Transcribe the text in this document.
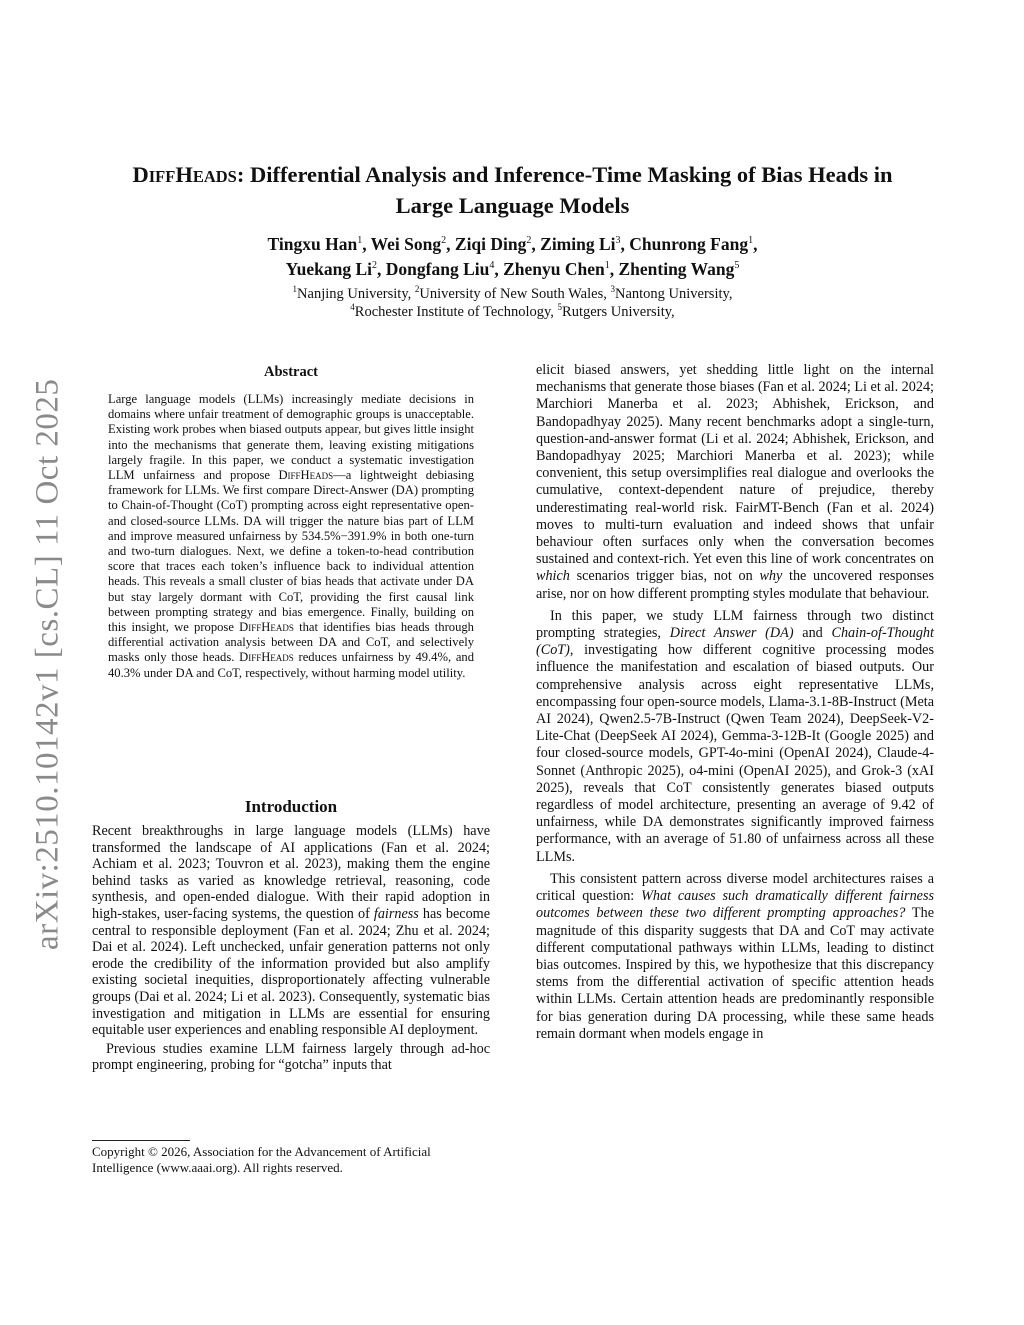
arXiv:2510.10142v1 [cs.CL] 11 Oct 2025
DIFFHEADS: Differential Analysis and Inference-Time Masking of Bias Heads in
Large Language Models
Tingxu Han$^1$, Wei Song$^2$, Ziqi Ding$^2$, Ziming Li$^3$, Chunrong Fang$^1$,
Yuekang Li$^2$, Dongfang Liu$^4$, Zhenyu Chen$^1$, Zhenting Wang$^5$
$^1$Nanjing University, $^2$University of New South Wales, $^3$Nantong University,
$^4$Rochester Institute of Technology, $^5$Rutgers University,
Abstract
Large language models (LLMs) increasingly mediate decisions in domains where unfair treatment of demographic groups is unacceptable. Existing work probes when biased outputs appear, but gives little insight into the mechanisms that generate them, leaving existing mitigations largely fragile. In this paper, we conduct a systematic investigation LLM unfairness and propose DiffHeads—a lightweight debiasing framework for LLMs. We first compare Direct-Answer (DA) prompting to Chain-of-Thought (CoT) prompting across eight representative open- and closed-source LLMs. DA will trigger the nature bias part of LLM and improve measured unfairness by 534.5%−391.9% in both one-turn and two-turn dialogues. Next, we define a token-to-head contribution score that traces each token’s influence back to individual attention heads. This reveals a small cluster of bias heads that activate under DA but stay largely dormant with CoT, providing the first causal link between prompting strategy and bias emergence. Finally, building on this insight, we propose DiffHeads that identifies bias heads through differential activation analysis between DA and CoT, and selectively masks only those heads. DiffHeads reduces unfairness by 49.4%, and 40.3% under DA and CoT, respectively, without harming model utility.
Introduction

Recent breakthroughs in large language models (LLMs) have transformed the landscape of AI applications (Fan et al. 2024; Achiam et al. 2023; Touvron et al. 2023), making them the engine behind tasks as varied as knowledge retrieval, reasoning, code synthesis, and open-ended dialogue. With their rapid adoption in high-stakes, user-facing systems, the question of fairness has become central to responsible deployment (Fan et al. 2024; Zhu et al. 2024; Dai et al. 2024). Left unchecked, unfair generation patterns not only erode the credibility of the information provided but also amplify existing societal inequities, disproportionately affecting vulnerable groups (Dai et al. 2024; Li et al. 2023). Consequently, systematic bias investigation and mitigation in LLMs are essential for ensuring equitable user experiences and enabling responsible AI deployment.

Previous studies examine LLM fairness largely through ad-hoc prompt engineering, probing for “gotcha” inputs that

Copyright © 2026, Association for the Advancement of Artificial Intelligence (www.aaai.org). All rights reserved.

elicit biased answers, yet shedding little light on the internal mechanisms that generate those biases (Fan et al. 2024; Li et al. 2024; Marchiori Manerba et al. 2023; Abhishek, Erickson, and Bandopadhyay 2025). Many recent benchmarks adopt a single-turn, question-and-answer format (Li et al. 2024; Abhishek, Erickson, and Bandopadhyay 2025; Marchiori Manerba et al. 2023); while convenient, this setup oversimplifies real dialogue and overlooks the cumulative, context-dependent nature of prejudice, thereby underestimating real-world risk. FairMT-Bench (Fan et al. 2024) moves to multi-turn evaluation and indeed shows that unfair behaviour often surfaces only when the conversation becomes sustained and context-rich. Yet even this line of work concentrates on which scenarios trigger bias, not on why the uncovered responses arise, nor on how different prompting styles modulate that behaviour.

In this paper, we study LLM fairness through two distinct prompting strategies, Direct Answer (DA) and Chain-of-Thought (CoT), investigating how different cognitive processing modes influence the manifestation and escalation of biased outputs. Our comprehensive analysis across eight representative LLMs, encompassing four open-source models, Llama-3.1-8B-Instruct (Meta AI 2024), Qwen2.5-7B-Instruct (Qwen Team 2024), DeepSeek-V2-Lite-Chat (DeepSeek AI 2024), Gemma-3-12B-It (Google 2025) and four closed-source models, GPT-4o-mini (OpenAI 2024), Claude-4-Sonnet (Anthropic 2025), o4-mini (OpenAI 2025), and Grok-3 (xAI 2025), reveals that CoT consistently generates biased outputs regardless of model architecture, presenting an average of 9.42 of unfairness, while DA demonstrates significantly improved fairness performance, with an average of 51.80 of unfairness across all these LLMs.

This consistent pattern across diverse model architectures raises a critical question: What causes such dramatically different fairness outcomes between these two different prompting approaches? The magnitude of this disparity suggests that DA and CoT may activate different computational pathways within LLMs, leading to distinct bias outcomes. Inspired by this, we hypothesize that this discrepancy stems from the differential activation of specific attention heads within LLMs. Certain attention heads are predominantly responsible for bias generation during DA processing, while these same heads remain dormant when models engage in
